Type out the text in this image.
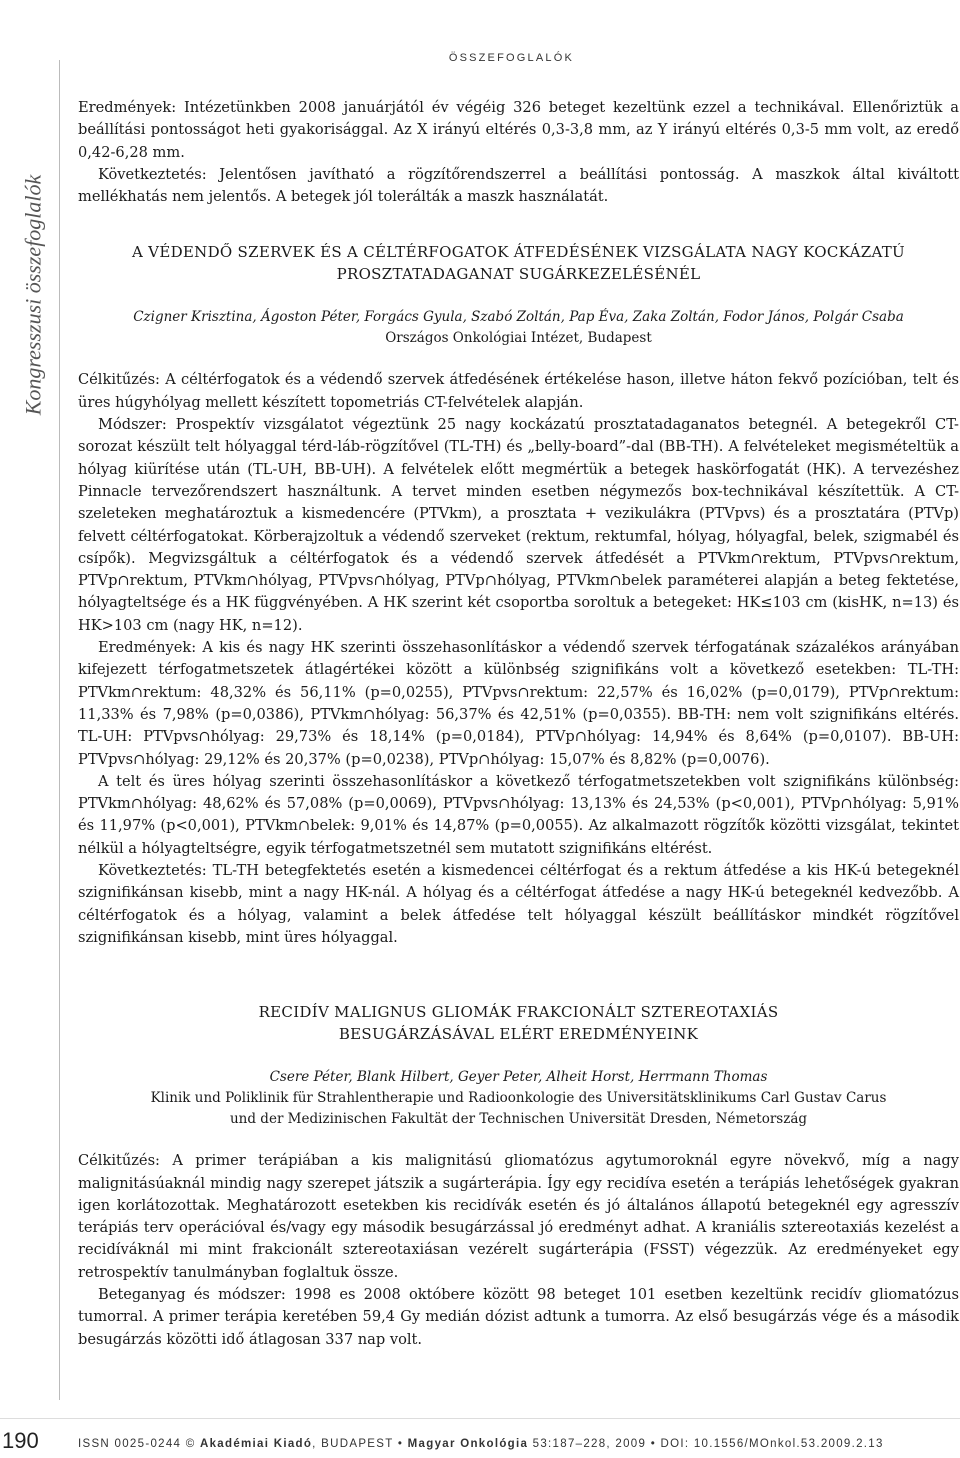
ÖSSZEFOGLALÓK
Kongresszusi összefoglalók

Eredmények: Intézetünkben 2008 januárjától év végéig 326 beteget kezeltünk ezzel a technikával. Ellenőriztük a beállítási pontosságot heti gyakorisággal. Az X irányú eltérés 0,3-3,8 mm, az Y irányú eltérés 0,3-5 mm volt, az eredő 0,42-6,28 mm.

Következtetés: Jelentősen javítható a rögzítőrendszerrel a beállítási pontosság. A maszkok által kiváltott mellékhatás nem jelentős. A betegek jól tolerálták a maszk használatát.

A VÉDENDŐ SZERVEK ÉS A CÉLTÉRFOGATOK ÁTFEDÉSÉNEK VIZSGÁLATA NAGY KOCKÁZATÚ

PROSZTATADAGANAT SUGÁRKEZELÉSÉNÉL

Czigner Krisztina, Ágoston Péter, Forgács Gyula, Szabó Zoltán, Pap Éva, Zaka Zoltán, Fodor János, Polgár Csaba

Országos Onkológiai Intézet, Budapest

Célkitűzés: A céltérfogatok és a védendő szervek átfedésének értékelése hason, illetve háton fekvő pozícióban, telt és üres húgyhólyag mellett készített topometriás CT-felvételek alapján.

Módszer: Prospektív vizsgálatot végeztünk 25 nagy kockázatú prosztatadaganatos betegnél. A betegekről CT-sorozat készült telt hólyaggal térd-láb-rögzítővel (TL-TH) és „belly-board”-dal (BB-TH). A felvételeket megismételtük a hólyag kiürítése után (TL-UH, BB-UH). A felvételek előtt megmértük a betegek haskörfogatát (HK). A tervezéshez Pinnacle tervezőrendszert használtunk. A tervet minden esetben négymezős box-technikával készítettük. A CT-szeleteken meghatároztuk a kismedencére (PTVkm), a prosztata + vezikulákra (PTVpvs) és a prosztatára (PTVp) felvett céltérfogatokat. Körberajzoltuk a védendő szerveket (rektum, rektumfal, hólyag, hólyagfal, belek, szigmabél és csípők). Megvizsgáltuk a céltérfogatok és a védendő szervek átfedését a PTVkm∩rektum, PTVpvs∩rektum, PTVp∩rektum, PTVkm∩hólyag, PTVpvs∩hólyag, PTVp∩hólyag, PTVkm∩belek paraméterei alapján a beteg fektetése, hólyagteltsége és a HK függvényében. A HK szerint két csoportba soroltuk a betegeket: HK≤103 cm (kisHK, n=13) és HK>103 cm (nagy HK, n=12).

Eredmények: A kis és nagy HK szerinti összehasonlításkor a védendő szervek térfogatának százalékos arányában kifejezett térfogatmetszetek átlagértékei között a különbség szignifikáns volt a következő esetekben: TL-TH: PTVkm∩rektum: 48,32% és 56,11% (p=0,0255), PTVpvs∩rektum: 22,57% és 16,02% (p=0,0179), PTVp∩rektum: 11,33% és 7,98% (p=0,0386), PTVkm∩hólyag: 56,37% és 42,51% (p=0,0355). BB-TH: nem volt szignifikáns eltérés. TL-UH: PTVpvs∩hólyag: 29,73% és 18,14% (p=0,0184), PTVp∩hólyag: 14,94% és 8,64% (p=0,0107). BB-UH: PTVpvs∩hólyag: 29,12% és 20,37% (p=0,0238), PTVp∩hólyag: 15,07% és 8,82% (p=0,0076).

A telt és üres hólyag szerinti összehasonlításkor a következő térfogatmetszetekben volt szignifikáns különbség: PTVkm∩hólyag: 48,62% és 57,08% (p=0,0069), PTVpvs∩hólyag: 13,13% és 24,53% (p<0,001), PTVp∩hólyag: 5,91% és 11,97% (p<0,001), PTVkm∩belek: 9,01% és 14,87% (p=0,0055). Az alkalmazott rögzítők közötti vizsgálat, tekintet nélkül a hólyagteltségre, egyik térfogatmetszetnél sem mutatott szignifikáns eltérést.

Következtetés: TL-TH betegfektetés esetén a kismedencei céltérfogat és a rektum átfedése a kis HK-ú betegeknél szignifikánsan kisebb, mint a nagy HK-nál. A hólyag és a céltérfogat átfedése a nagy HK-ú betegeknél kedvezőbb. A céltérfogatok és a hólyag, valamint a belek átfedése telt hólyaggal készült beállításkor mindkét rögzítővel szignifikánsan kisebb, mint üres hólyaggal.

RECIDÍV MALIGNUS GLIOMÁK FRAKCIONÁLT SZTEREOTAXIÁS

BESUGÁRZÁSÁVAL ELÉRT EREDMÉNYEINK

Csere Péter, Blank Hilbert, Geyer Peter, Alheit Horst, Herrmann Thomas

Klinik und Poliklinik für Strahlentherapie und Radioonkologie des Universitätsklinikums Carl Gustav Carus

und der Medizinischen Fakultät der Technischen Universität Dresden, Németország

Célkitűzés: A primer terápiában a kis malignitású gliomatózus agytumoroknál egyre növekvő, míg a nagy malignitásúaknál mindig nagy szerepet játszik a sugárterápia. Így egy recidíva esetén a terápiás lehetőségek gyakran igen korlátozottak. Meghatározott esetekben kis recidívák esetén és jó általános állapotú betegeknél egy agresszív terápiás terv operációval és/vagy egy második besugárzással jó eredményt adhat. A kraniális sztereotaxiás kezelést a recidíváknál mi mint frakcionált sztereotaxiásan vezérelt sugárterápia (FSST) végezzük. Az eredményeket egy retrospektív tanulmányban foglaltuk össze.

Beteganyag és módszer: 1998 es 2008 októbere között 98 beteget 101 esetben kezeltünk recidív gliomatózus tumorral. A primer terápia keretében 59,4 Gy medián dózist adtunk a tumorra. Az első besugárzás vége és a második besugárzás közötti idő átlagosan 337 nap volt.

190	ISSN 0025-0244 © Akadémiai Kiadó, BUDAPEST • Magyar Onkológia 53:187–228, 2009 • DOI: 10.1556/MOnkol.53.2009.2.13
